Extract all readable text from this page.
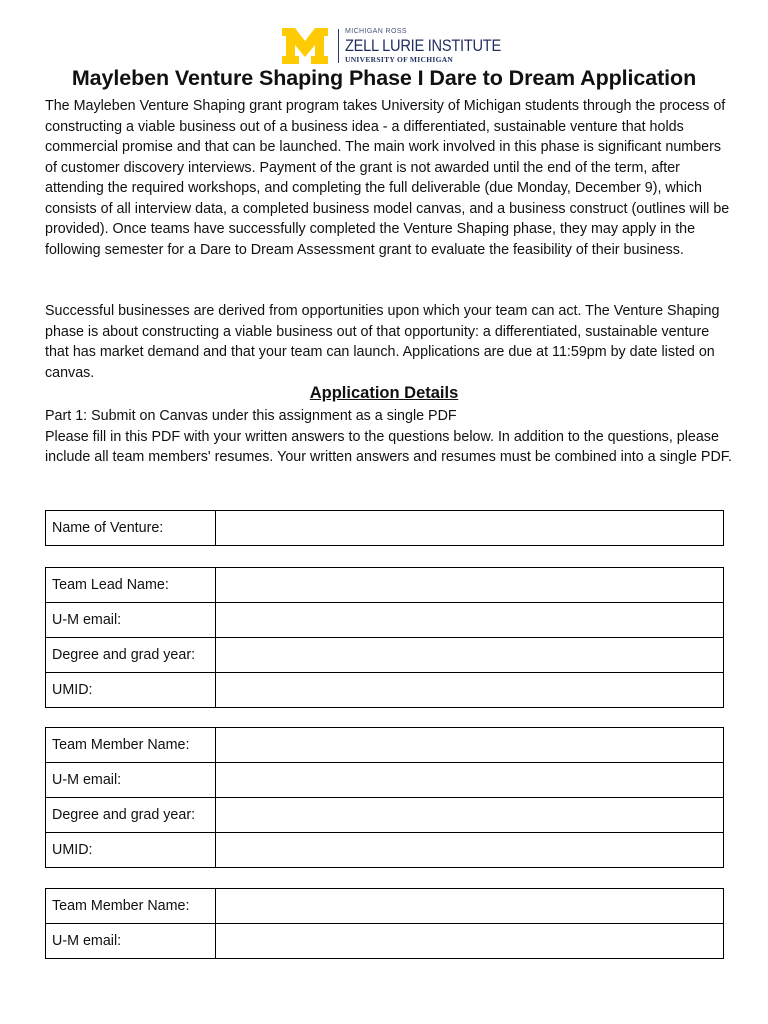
MICHIGAN ROSS
ZELL LURIE INSTITUTE
UNIVERSITY OF MICHIGAN
Mayleben Venture Shaping Phase I Dare to Dream Application

The Mayleben Venture Shaping grant program takes University of Michigan students through the process of constructing a viable business out of a business idea - a differentiated, sustainable venture that holds commercial promise and that can be launched. The main work involved in this phase is significant numbers of customer discovery interviews. Payment of the grant is not awarded until the end of the term, after attending the required workshops, and completing the full deliverable (due Monday, December 9), which consists of all interview data, a completed business model canvas, and a business construct (outlines will be provided). Once teams have successfully completed the Venture Shaping phase, they may apply in the following semester for a Dare to Dream Assessment grant to evaluate the feasibility of their business.

Successful businesses are derived from opportunities upon which your team can act. The Venture Shaping phase is about constructing a viable business out of that opportunity: a differentiated, sustainable venture that has market demand and that your team can launch. Applications are due at 11:59pm by date listed on canvas.

Application Details
Part 1: Submit on Canvas under this assignment as a single PDF
Please fill in this PDF with your written answers to the questions below. In addition to the questions, please include all team members' resumes. Your written answers and resumes must be combined into a single PDF.
Name of Venture:	
Team Lead Name:	
U-M email:	
Degree and grad year:	
UMID:	
Team Member Name:	
U-M email:	
Degree and grad year:	
UMID:	
Team Member Name:	
U-M email:	
